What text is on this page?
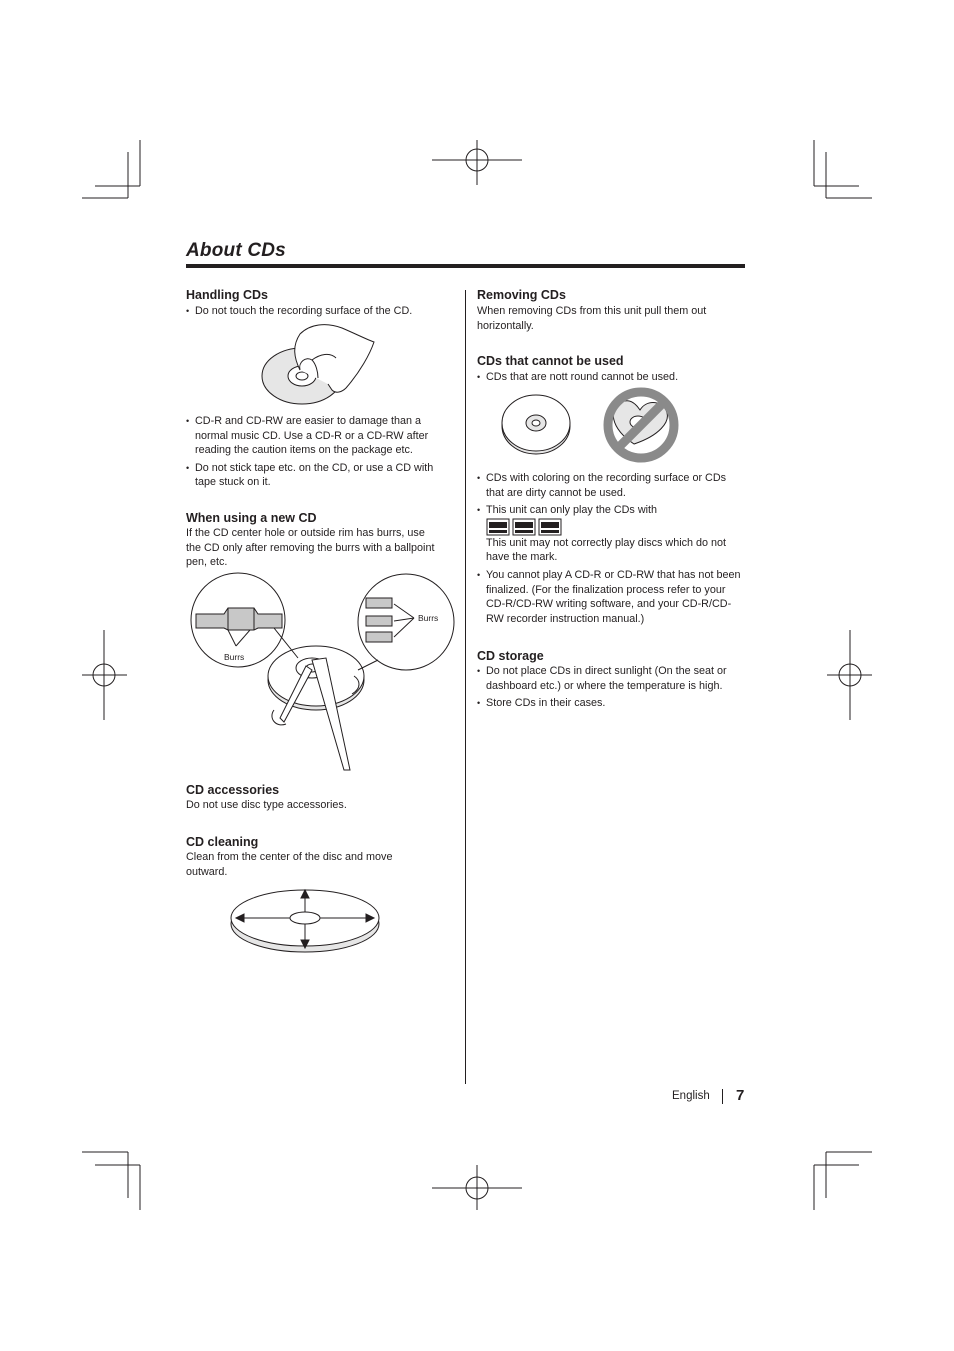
About CDs
Handling CDs
• Do not touch the recording surface of the CD.
• CD-R and CD-RW are easier to damage than a normal music CD. Use a CD-R or a CD-RW after reading the caution items on the package etc.
• Do not stick tape etc. on the CD, or use a CD with tape stuck on it.
When using a new CD

If the CD center hole or outside rim has burrs, use the CD only after removing the burrs with a ballpoint pen, etc.

Burrs
Burrs
CD accessories

Do not use disc type accessories.

CD cleaning

Clean from the center of the disc and move outward.

Removing CDs

When removing CDs from this unit pull them out horizontally.

CDs that cannot be used
• CDs that are nott round cannot be used.
• CDs with coloring on the recording surface or CDs that are dirty cannot be used.
• This unit can only play the CDs with

This unit may not correctly play discs which do not have the mark.
• You cannot play A CD-R or CD-RW that has not been finalized. (For the finalization process refer to your CD-R/CD-RW writing software, and your CD-R/CD-RW recorder instruction manual.)
CD storage
• Do not place CDs in direct sunlight (On the seat or dashboard etc.) or where the temperature is high.
• Store CDs in their cases.
English 7
